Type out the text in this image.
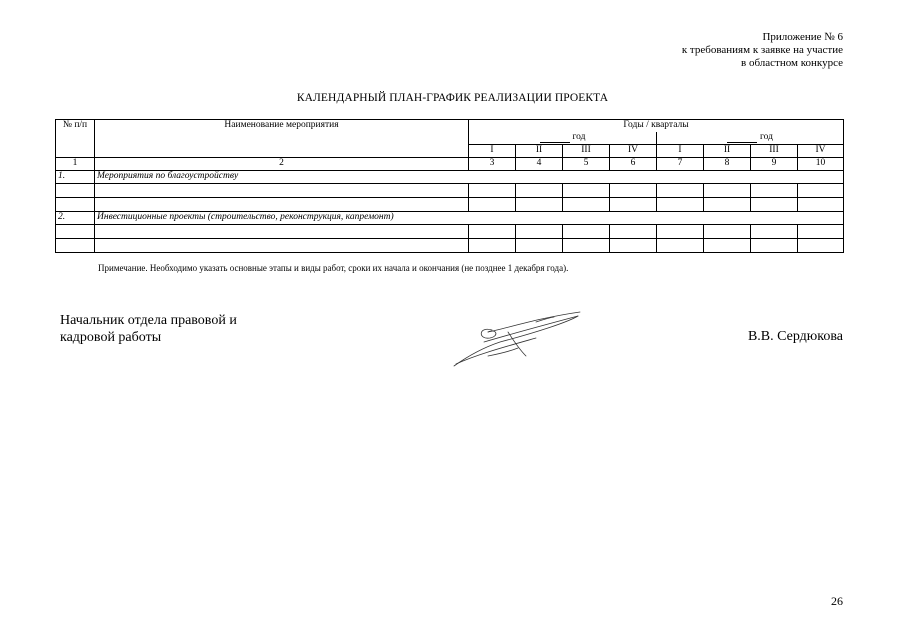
Приложение № 6
к требованиям к заявке на участие
в областном конкурсе
КАЛЕНДАРНЫЙ ПЛАН-ГРАФИК РЕАЛИЗАЦИИ ПРОЕКТА
№ п/п	Наименование мероприятия	Годы / кварталы							
		год				год			
		I	II	III	IV	I	II	III	IV
1	2	3	4	5	6	7	8	9	10
1.	Мероприятия по благоустройству								

2.	Инвестиционные проекты (строительство, реконструкция, капремонт)								

Примечание. Необходимо указать основные этапы и виды работ, сроки их начала и окончания (не позднее 1 декабря года).
Начальник отдела правовой и
кадровой работы	В.В. Сердюкова
26
